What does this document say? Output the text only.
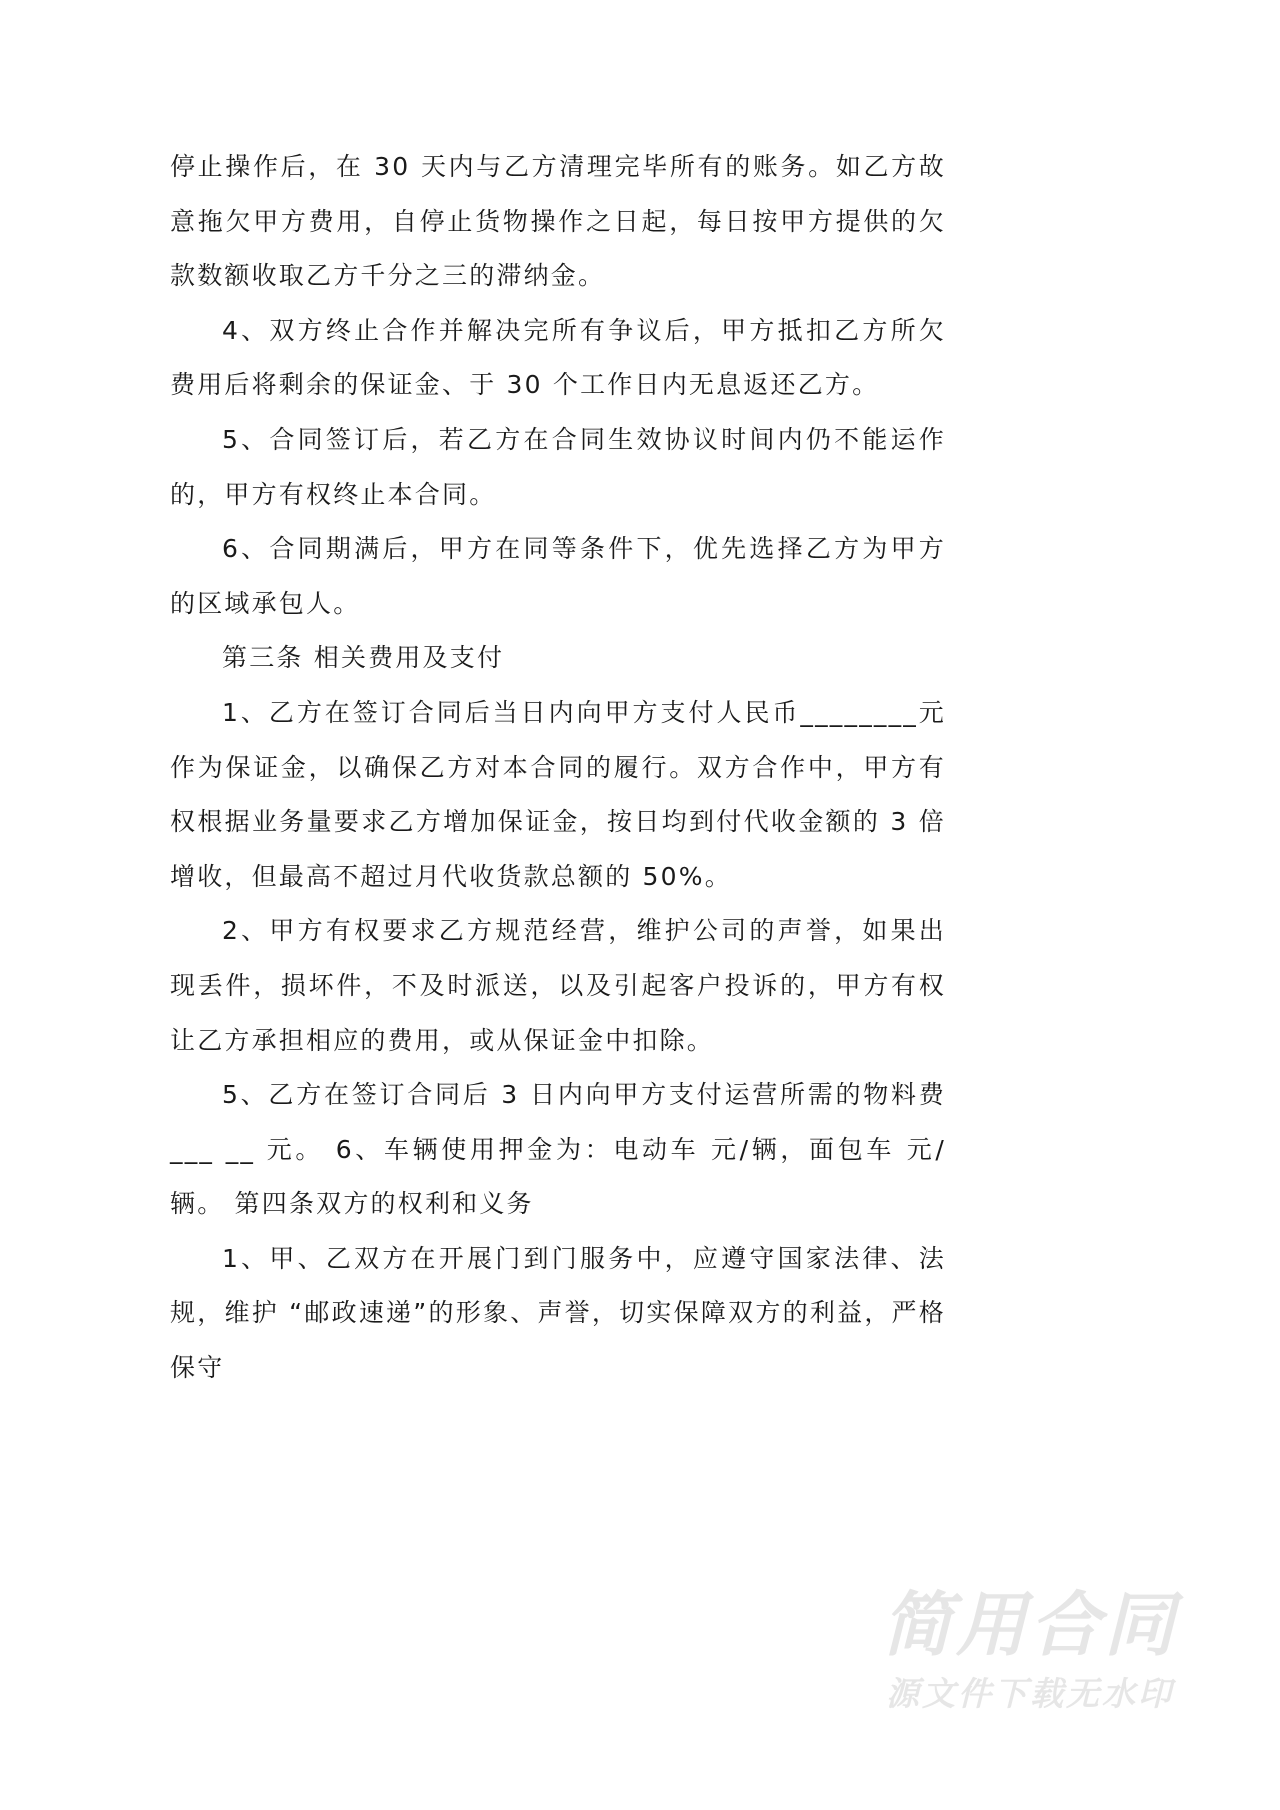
停止操作后，在 30 天内与乙方清理完毕所有的账务。如乙方故意拖欠甲方费用，自停止货物操作之日起，每日按甲方提供的欠款数额收取乙方千分之三的滞纳金。

4、双方终止合作并解决完所有争议后，甲方抵扣乙方所欠费用后将剩余的保证金、于 30 个工作日内无息返还乙方。

5、合同签订后，若乙方在合同生效协议时间内仍不能运作的，甲方有权终止本合同。

6、合同期满后，甲方在同等条件下，优先选择乙方为甲方的区域承包人。

第三条 相关费用及支付

1、乙方在签订合同后当日内向甲方支付人民币________元作为保证金，以确保乙方对本合同的履行。双方合作中，甲方有权根据业务量要求乙方增加保证金，按日均到付代收金额的 3 倍增收，但最高不超过月代收货款总额的 50%。

2、甲方有权要求乙方规范经营，维护公司的声誉，如果出现丢件，损坏件，不及时派送，以及引起客户投诉的，甲方有权让乙方承担相应的费用，或从保证金中扣除。

5、乙方在签订合同后 3 日内向甲方支付运营所需的物料费___ __ 元。 6、车辆使用押金为：电动车 元/辆，面包车 元/辆。 第四条双方的权利和义务

1、甲、乙双方在开展门到门服务中，应遵守国家法律、法规，维护 “邮政速递”的形象、声誉，切实保障双方的利益，严格保守

简用合同
源文件下载无水印
